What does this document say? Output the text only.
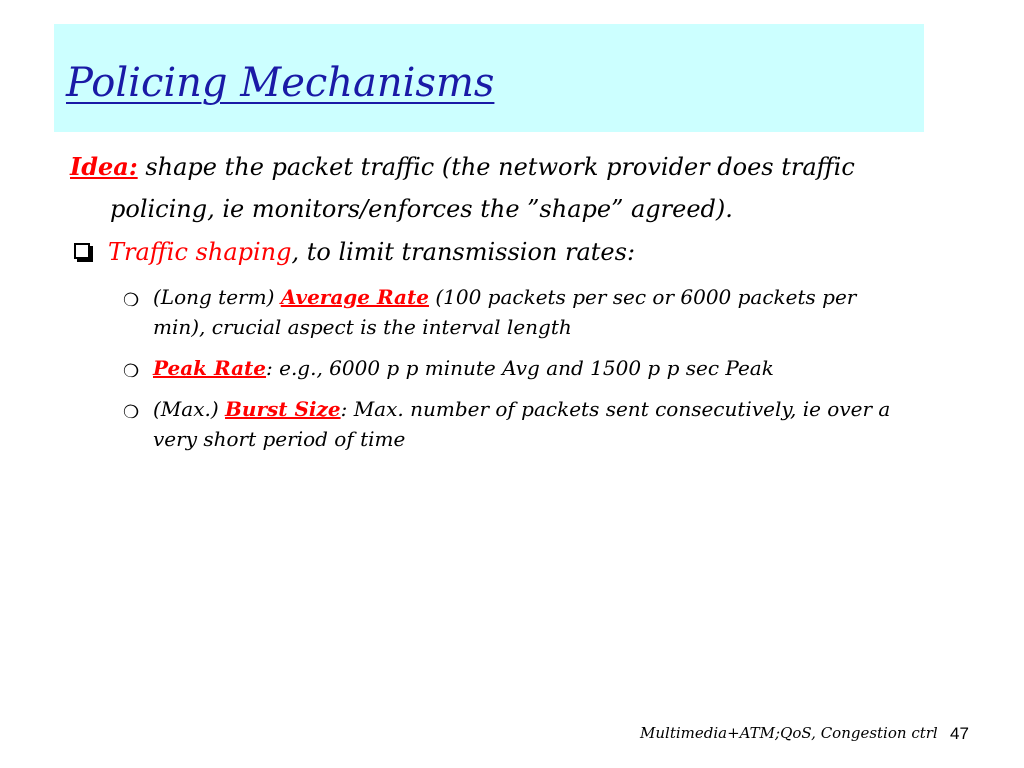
Policing Mechanisms
Idea: shape the packet traffic (the network provider does traffic policing, ie monitors/enforces the ”shape” agreed).
Traffic shaping, to limit transmission rates:
❍ (Long term) Average Rate (100 packets per sec or 6000 packets per min), crucial aspect is the interval length
❍ Peak Rate: e.g., 6000 p p minute Avg and 1500 p p sec Peak
❍ (Max.) Burst Size: Max. number of packets sent consecutively, ie over a very short period of time
Multimedia+ATM;QoS, Congestion ctrl 47
